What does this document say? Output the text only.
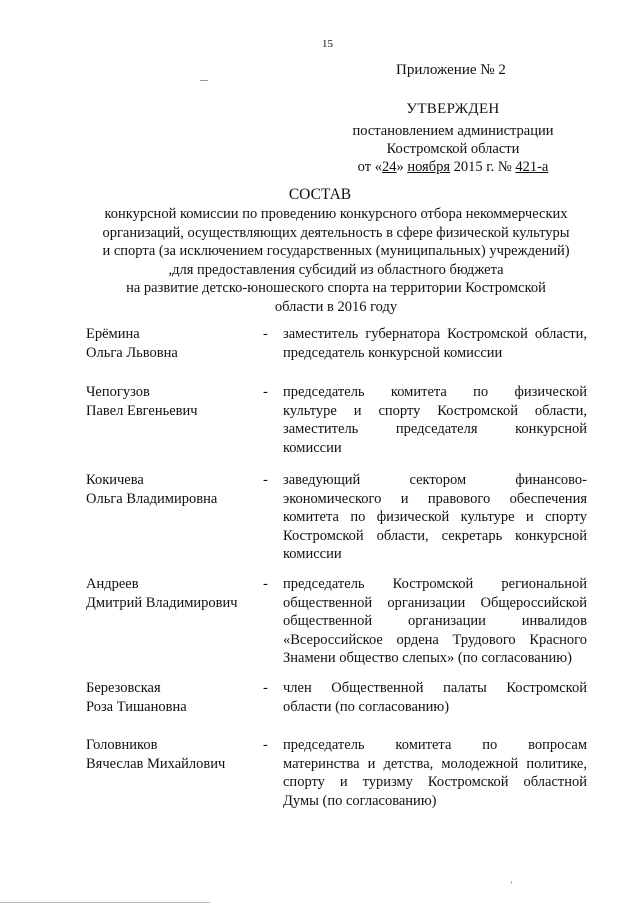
15
Приложение № 2
УТВЕРЖДЕН
постановлением администрации
Костромской области
от «24» ноября 2015 г. № 421-а
СОСТАВ
конкурсной комиссии по проведению конкурсного отбора некоммерческих
организаций, осуществляющих деятельность в сфере физической культуры
и спорта (за исключением государственных (муниципальных) учреждений)
,для предоставления субсидий из областного бюджета
на развитие детско-юношеского спорта на территории Костромской
области в 2016 году
Ерёмина
Ольга Львовна
- заместитель губернатора Костромской области,
председатель конкурсной комиссии
Чепогузов
Павел Евгеньевич
- председатель комитета по физической
культуре и спорту Костромской области,
заместитель председателя конкурсной
комиссии
Кокичева
Ольга Владимировна
- заведующий сектором финансово-
экономического и правового обеспечения
комитета по физической культуре и спорту
Костромской области, секретарь конкурсной
комиссии
Андреев
Дмитрий Владимирович
- председатель Костромской региональной
общественной организации Общероссийской
общественной организации инвалидов
«Всероссийское ордена Трудового Красного
Знамени общество слепых» (по согласованию)
Березовская
Роза Тишановна
- член Общественной палаты Костромской
области (по согласованию)
Головников
Вячеслав Михайлович
- председатель комитета по вопросам
материнства и детства, молодежной политике,
спорту и туризму Костромской областной
Думы (по согласованию)
ʼ
